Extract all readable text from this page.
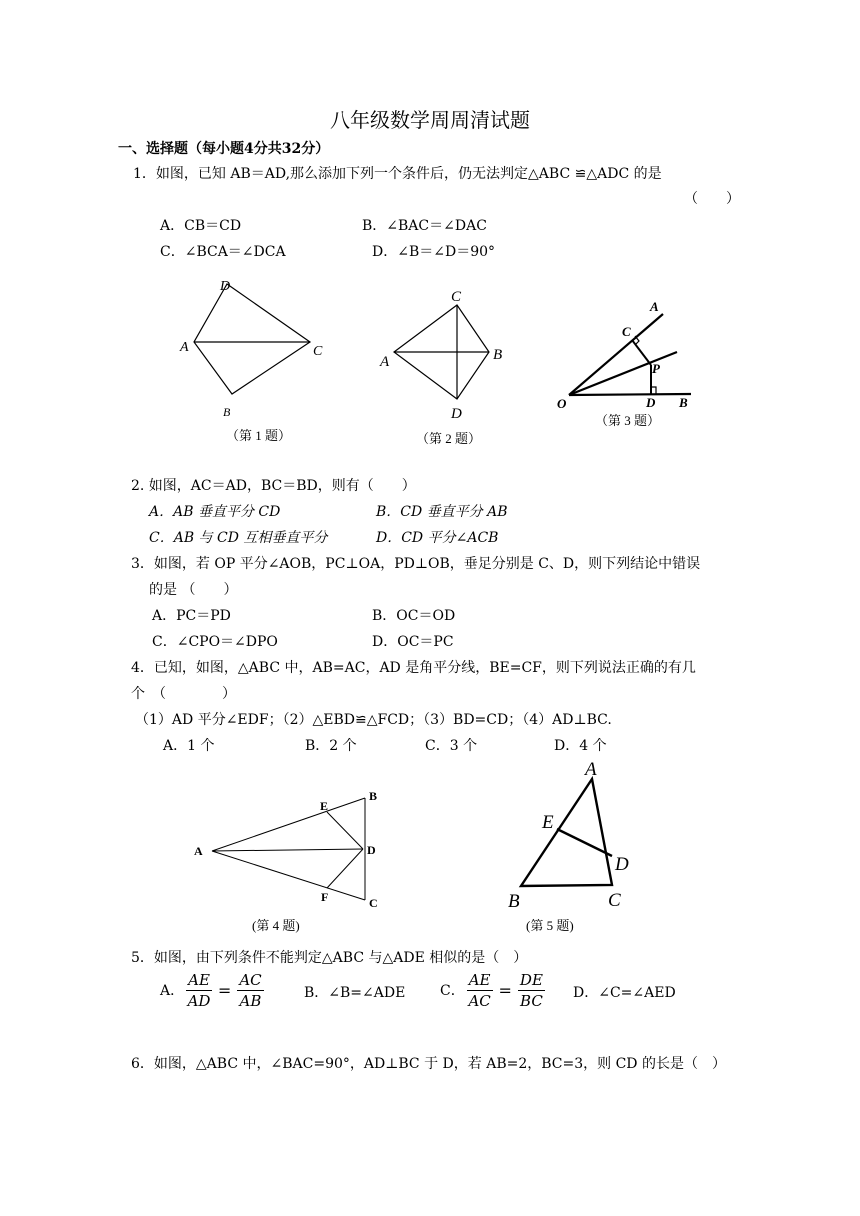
八年级数学周周清试题
一、选择题（每小题4分共32分）
1．如图，已知 AB＝AD,那么添加下列一个条件后，仍无法判定△ABC ≌△ADC 的是
（　　）
A．CB＝CD	B．∠BAC＝∠DAC
C．∠BCA＝∠DCA	D．∠B＝∠D＝90°
D
A	C
B
（第 1 题）
C
A	B
D
（第 2 题）
A
C
P
O	D B
（第 3 题）
2. 如图，AC＝AD，BC＝BD，则有（　　）
A．AB 垂直平分 CD	B．CD 垂直平分 AB
C．AB 与 CD 互相垂直平分	D．CD 平分∠ACB
3．如图，若 OP 平分∠AOB，PC⊥OA，PD⊥OB，垂足分别是 C、D，则下列结论中错误
的是 （　　）
A．PC＝PD	B．OC＝OD
C．∠CPO＝∠DPO	D．OC＝PC
4．已知，如图，△ABC 中，AB=AC，AD 是角平分线，BE=CF，则下列说法正确的有几
个　（　　　　）
（1）AD 平分∠EDF；（2）△EBD≌△FCD；（3）BD=CD；（4）AD⊥BC.
A．1 个	B．2 个	C．3 个	D．4 个
E
B
A	D
F	C
(第 4 题)
A
E
D
B	C
(第 5 题)
5．如图，由下列条件不能判定△ABC 与△ADE 相似的是（　）
A． $\frac{AE}{AD} = \frac{AC}{AB}$	B．∠B=∠ADE C． $\frac{AE}{AC} = \frac{DE}{BC}$ D．∠C=∠AED
6．如图，△ABC 中，∠BAC=90°，AD⊥BC 于 D，若 AB=2，BC=3，则 CD 的长是（　）
